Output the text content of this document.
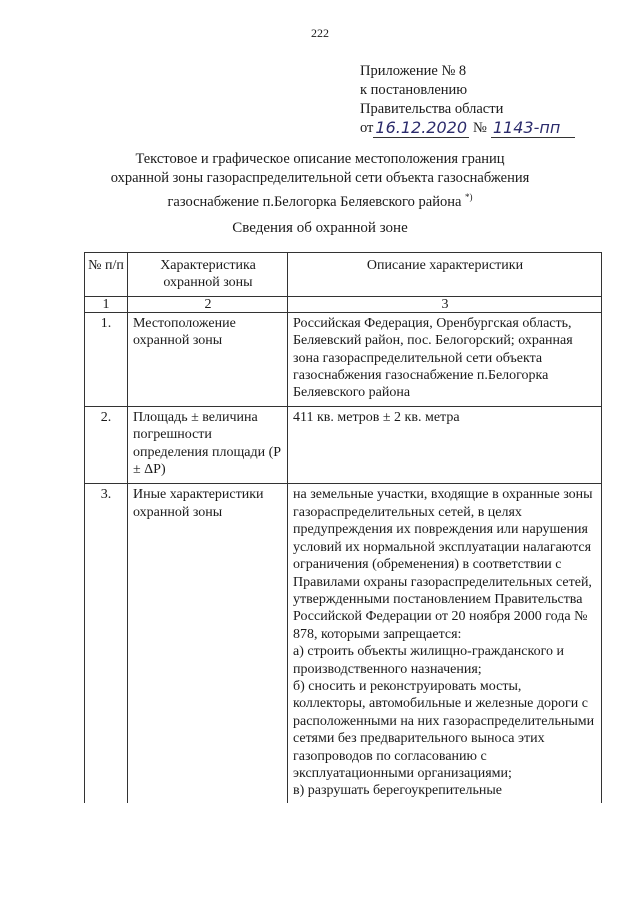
222
Приложение № 8
к постановлению
Правительства области
от 16.12.2020 № 1143-пп
Текстовое и графическое описание местоположения границ
охранной зоны газораспределительной сети объекта газоснабжения
газоснабжение п.Белогорка Беляевского района *)
Сведения об охранной зоне
№ п/п	Характеристика охранной зоны	Описание характеристики
1	2	3
1.	Местоположение охранной зоны	Российская Федерация, Оренбургская область, Беляевский район, пос. Белогорский; охранная зона газораспределительной сети объекта газоснабжения газоснабжение п.Белогорка Беляевского района
2.	Площадь ± величина погрешности определения площади (P ± ΔP)	411 кв. метров ± 2 кв. метра
3.	Иные характеристики охранной зоны	на земельные участки, входящие в охранные зоны газораспределительных сетей, в целях предупреждения их повреждения или нарушения условий их нормальной эксплуатации налагаются ограничения (обременения) в соответствии с Правилами охраны газораспределительных сетей, утвержденными постановлением Правительства Российской Федерации от 20 ноября 2000 года № 878, которыми запрещается:
а) строить объекты жилищно-гражданского и производственного назначения;
б) сносить и реконструировать мосты, коллекторы, автомобильные и железные дороги с расположенными на них газораспределительными сетями без предварительного выноса этих газопроводов по согласованию с эксплуатационными организациями;
в) разрушать берегоукрепительные
